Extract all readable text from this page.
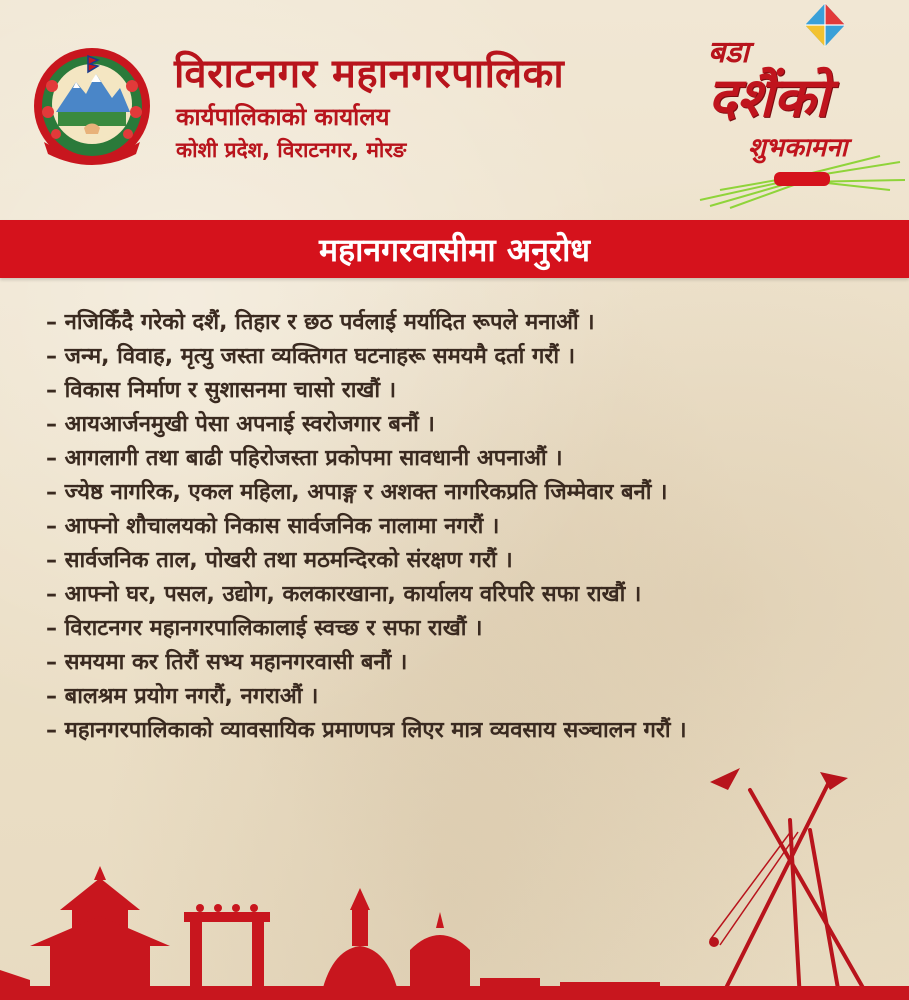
विराटनगर महानगरपालिका
कार्यपालिकाको कार्यालय
कोशी प्रदेश, विराटनगर, मोरङ
बडा
दशैंको
शुभकामना
महानगरवासीमा अनुरोध
– नजिकिँदै गरेको दशैं, तिहार र छठ पर्वलाई मर्यादित रूपले मनाऔं ।
– जन्म, विवाह, मृत्यु जस्ता व्यक्तिगत घटनाहरू समयमै दर्ता गरौं ।
– विकास निर्माण र सुशासनमा चासो राखौं ।
– आयआर्जनमुखी पेसा अपनाई स्वरोजगार बनौं ।
– आगलागी तथा बाढी पहिरोजस्ता प्रकोपमा सावधानी अपनाऔं ।
– ज्येष्ठ नागरिक, एकल महिला, अपाङ्ग र अशक्त नागरिकप्रति जिम्मेवार बनौं ।
– आफ्नो शौचालयको निकास सार्वजनिक नालामा नगरौं ।
– सार्वजनिक ताल, पोखरी तथा मठमन्दिरको संरक्षण गरौं ।
– आफ्नो घर, पसल, उद्योग, कलकारखाना, कार्यालय वरिपरि सफा राखौं ।
– विराटनगर महानगरपालिकालाई स्वच्छ र सफा राखौं ।
– समयमा कर तिरौं सभ्य महानगरवासी बनौं ।
– बालश्रम प्रयोग नगरौं, नगराऔं ।
– महानगरपालिकाको व्यावसायिक प्रमाणपत्र लिएर मात्र व्यवसाय सञ्चालन गरौं ।
